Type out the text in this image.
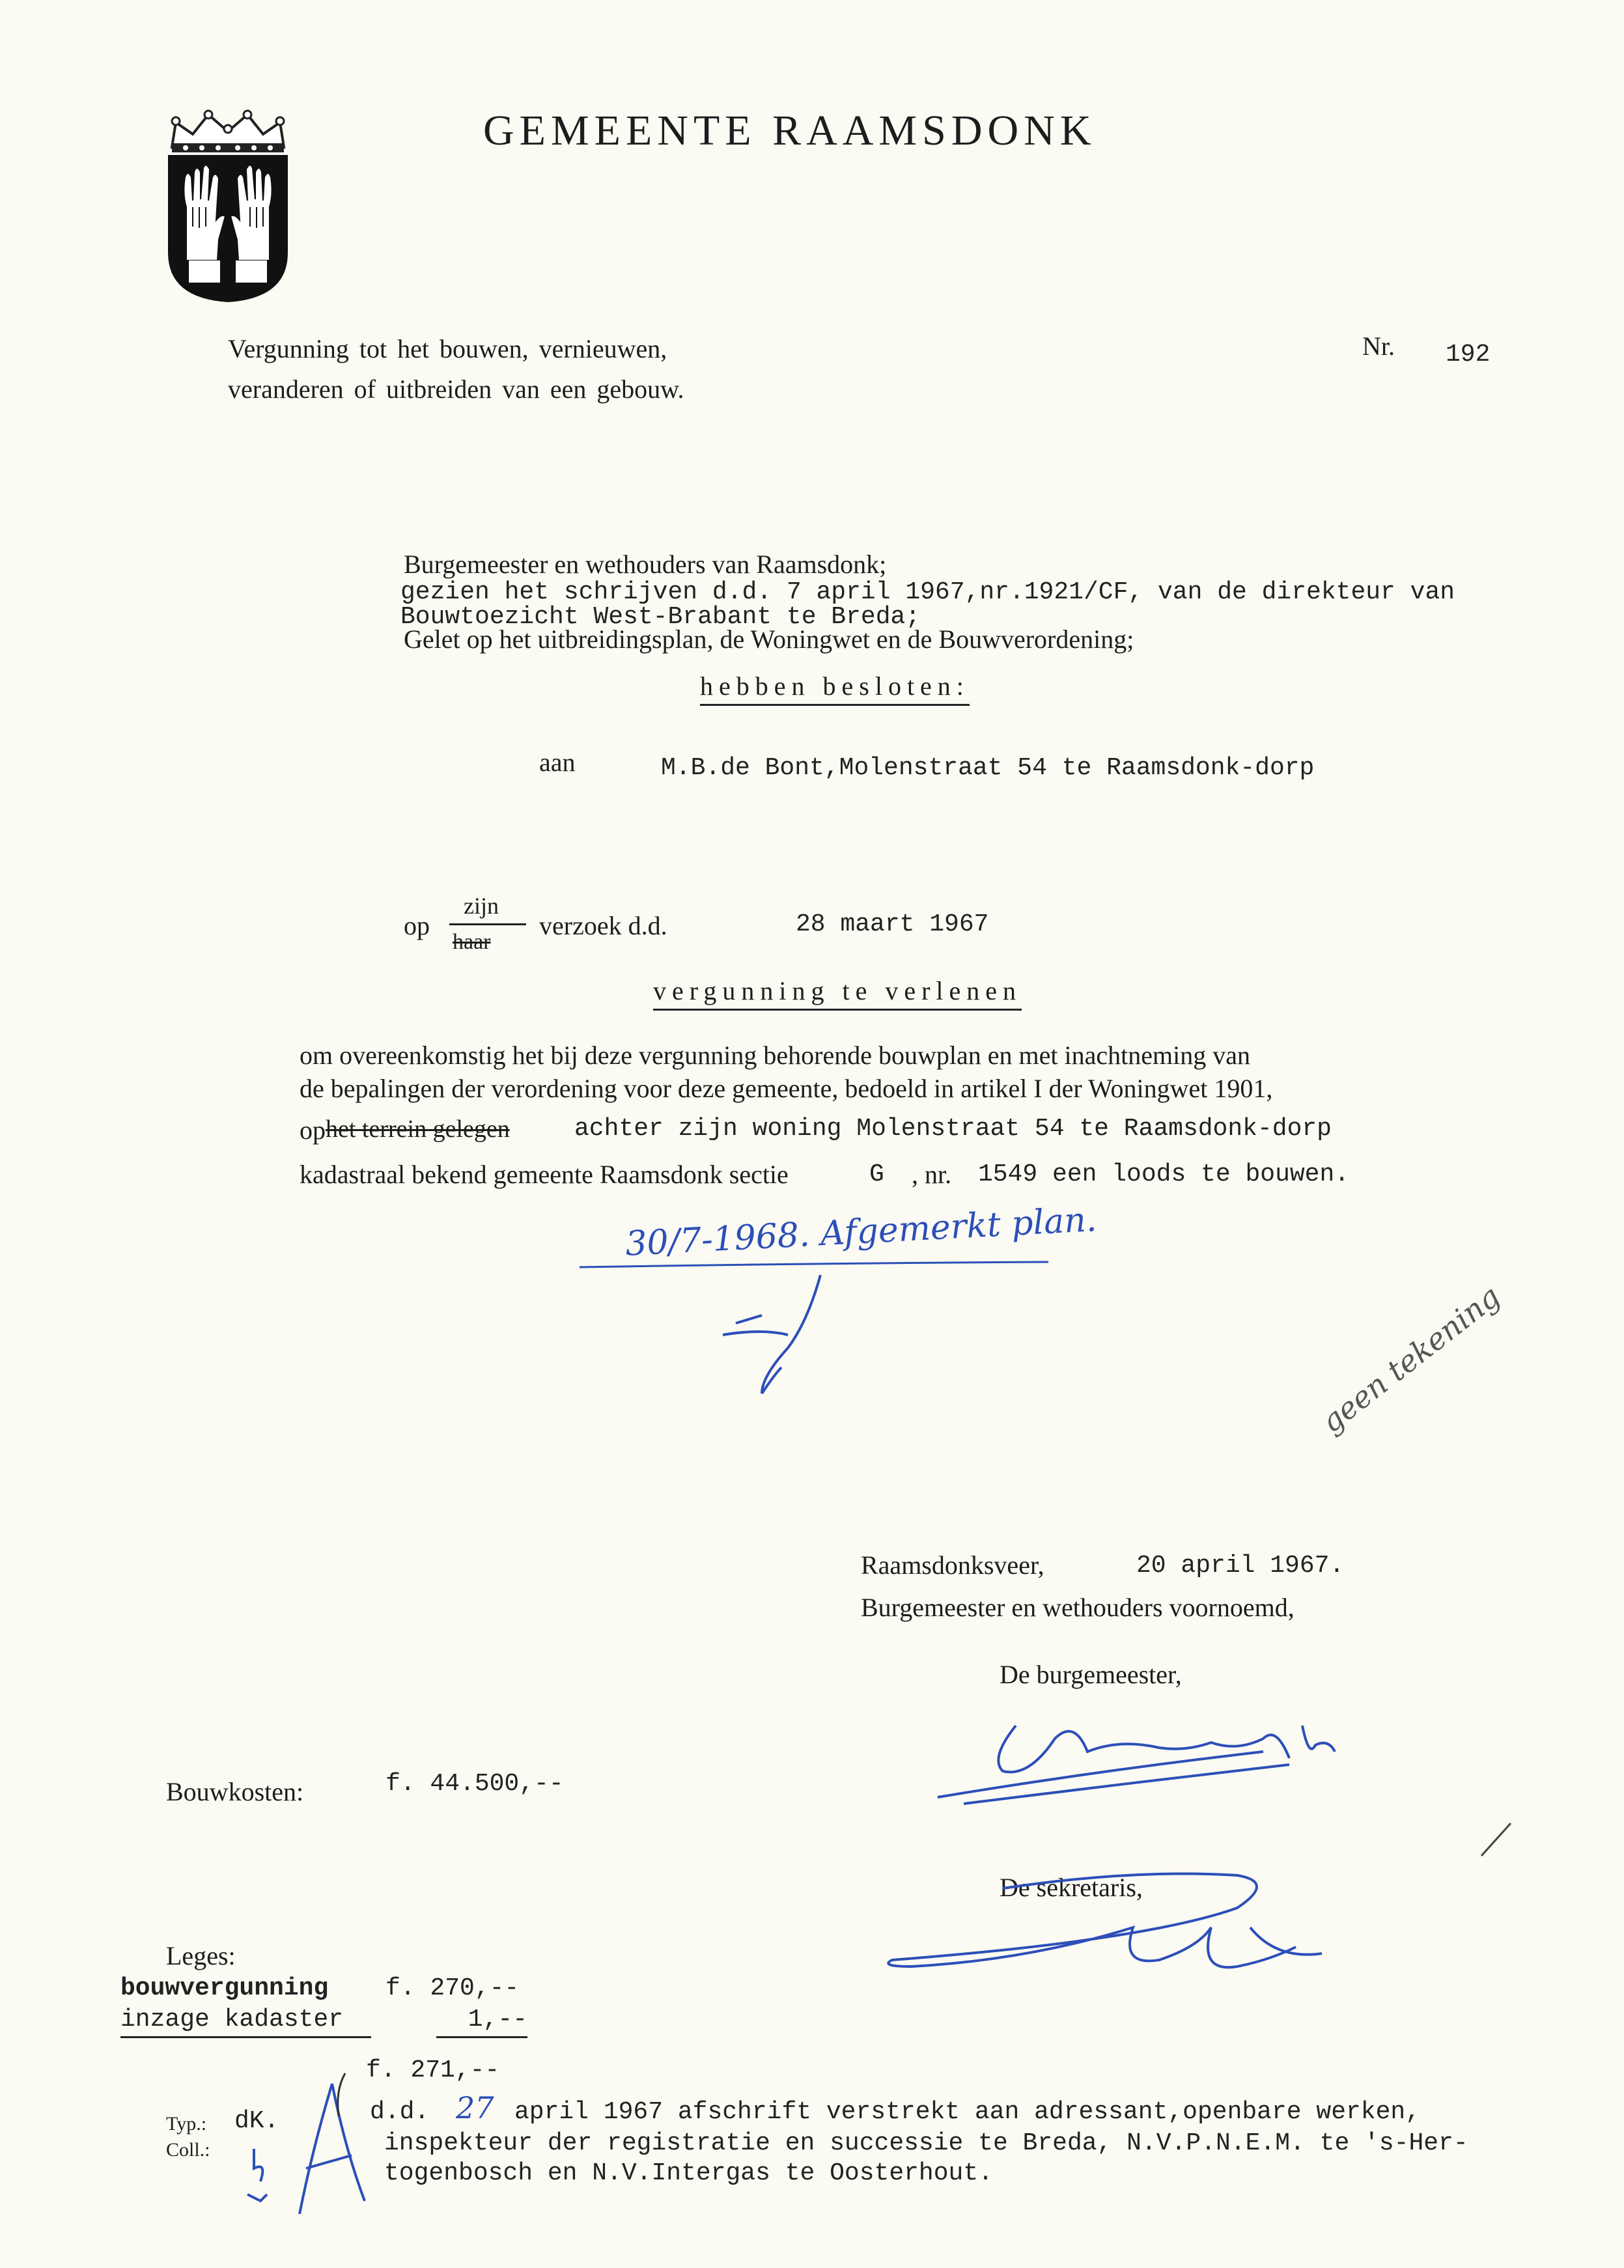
GEMEENTE RAAMSDONK
Vergunning tot het bouwen, vernieuwen,
veranderen of uitbreiden van een gebouw.
Nr. 192
Burgemeester en wethouders van Raamsdonk;
gezien het schrijven d.d. 7 april 1967,nr.1921/CF, van de direkteur van
Bouwtoezicht West-Brabant te Breda;
Gelet op het uitbreidingsplan, de Woningwet en de Bouwverordening;
hebben besloten:
aan	M.B.de Bont,Molenstraat 54 te Raamsdonk-dorp
op
zijn
haar
verzoek d.d.	28 maart 1967
vergunning te verlenen
om overeenkomstig het bij deze vergunning behorende bouwplan en met inachtneming van
de bepalingen der verordening voor deze gemeente, bedoeld in artikel I der Woningwet 1901,
op het terrein gelegen	achter zijn woning Molenstraat 54 te Raamsdonk-dorp
kadastraal bekend gemeente Raamsdonk sectie	G , nr. 1549 een loods te bouwen.
30/7-1968. Afgemerkt plan.
geen tekening
Raamsdonksveer,	20 april 1967.
Burgemeester en wethouders voornoemd,
De burgemeester,
De sekretaris,
Bouwkosten:	f. 44.500,--
Leges:
bouwvergunning f. 270,--
inzage kadaster	1,--
f. 271,--
Typ.: dK.
Coll.:
d.d. 27 april 1967 afschrift verstrekt aan adressant,openbare werken,
inspekteur der registratie en successie te Breda, N.V.P.N.E.M. te 's-Her-
togenbosch en N.V.Intergas te Oosterhout.
